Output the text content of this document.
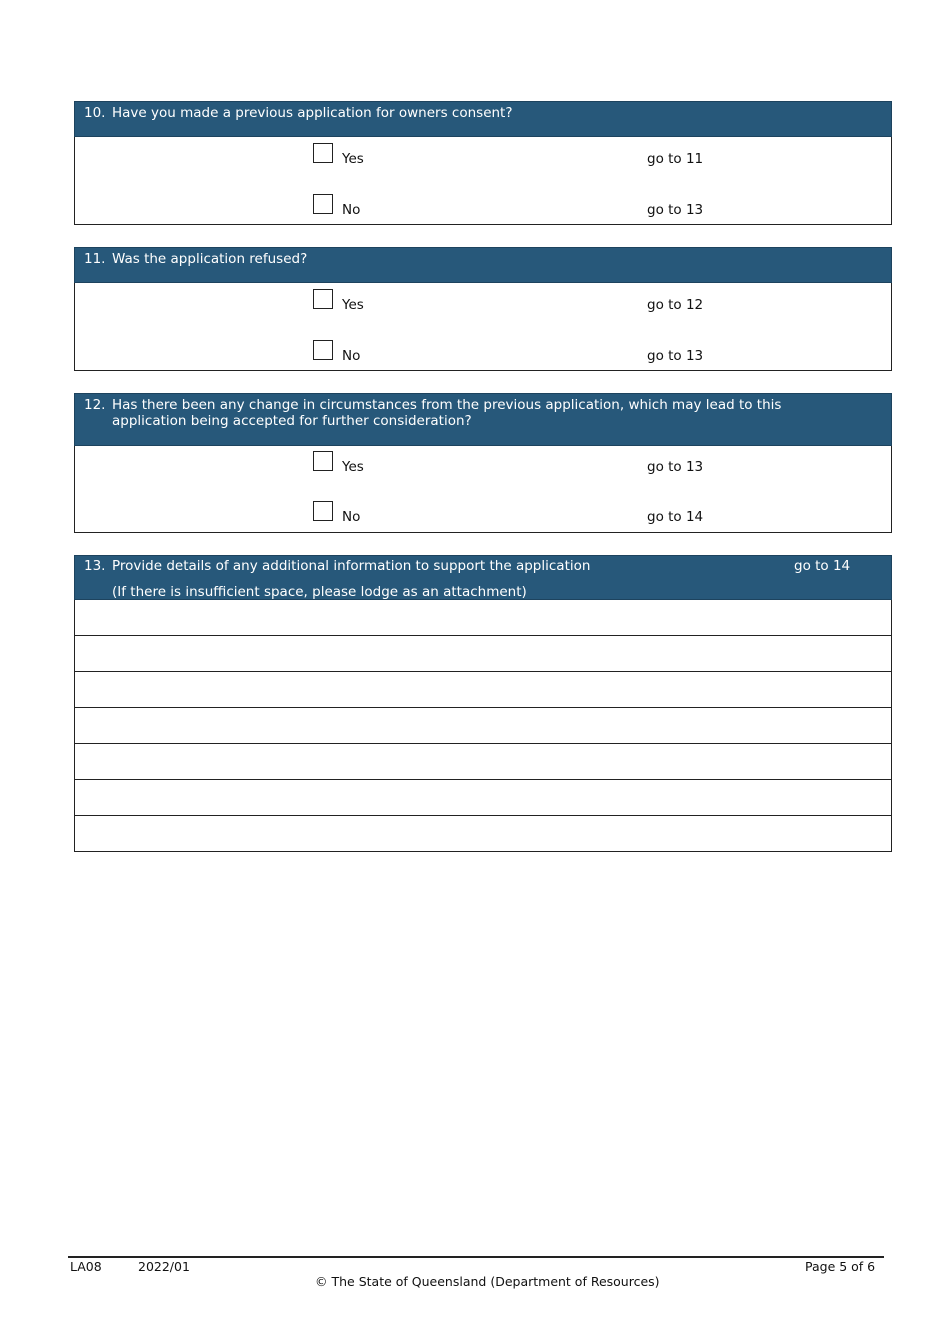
10. Have you made a previous application for owners consent?
Yes	go to 11
No	go to 13
11. Was the application refused?
Yes	go to 12
No	go to 13
12. Has there been any change in circumstances from the previous application, which may lead to this application being accepted for further consideration?
Yes	go to 13
No	go to 14
13. Provide details of any additional information to support the application	go to 14
(If there is insufficient space, please lodge as an attachment)
LA08	2022/01	Page 5 of 6
© The State of Queensland (Department of Resources)
